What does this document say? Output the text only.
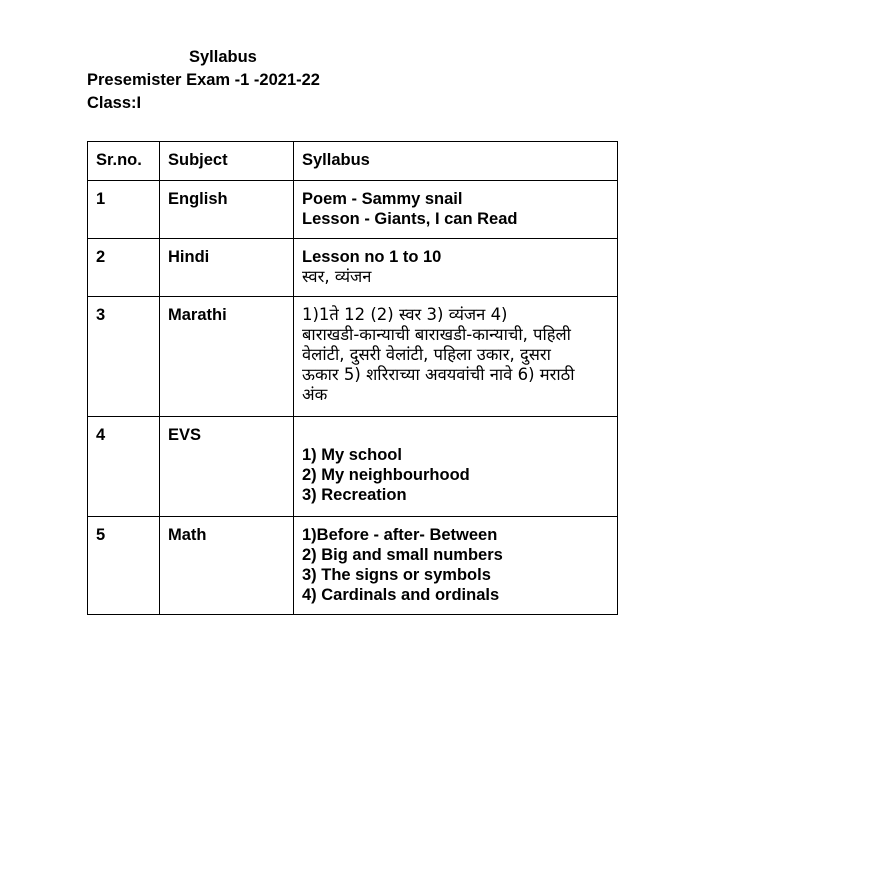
Syllabus
Presemister Exam -1 -2021-22
Class:I
Sr.no.	Subject	Syllabus
1	English	Poem - Sammy snail
Lesson - Giants, I can Read

2	Hindi	Lesson no 1 to 10
स्वर, व्यंजन

3	Marathi	1)1ते 12 (2) स्वर 3) व्यंजन 4)
बाराखडी-कान्याची बाराखडी-कान्याची, पहिली
वेलांटी, दुसरी वेलांटी, पहिला उकार, दुसरा
ऊकार 5) शरिराच्या अवयवांची नावे 6) मराठी
अंक

4	EVS	1) My school
2) My neighbourhood
3) Recreation

5	Math	1)Before - after- Between
2) Big and small numbers
3) The signs or symbols
4) Cardinals and ordinals
